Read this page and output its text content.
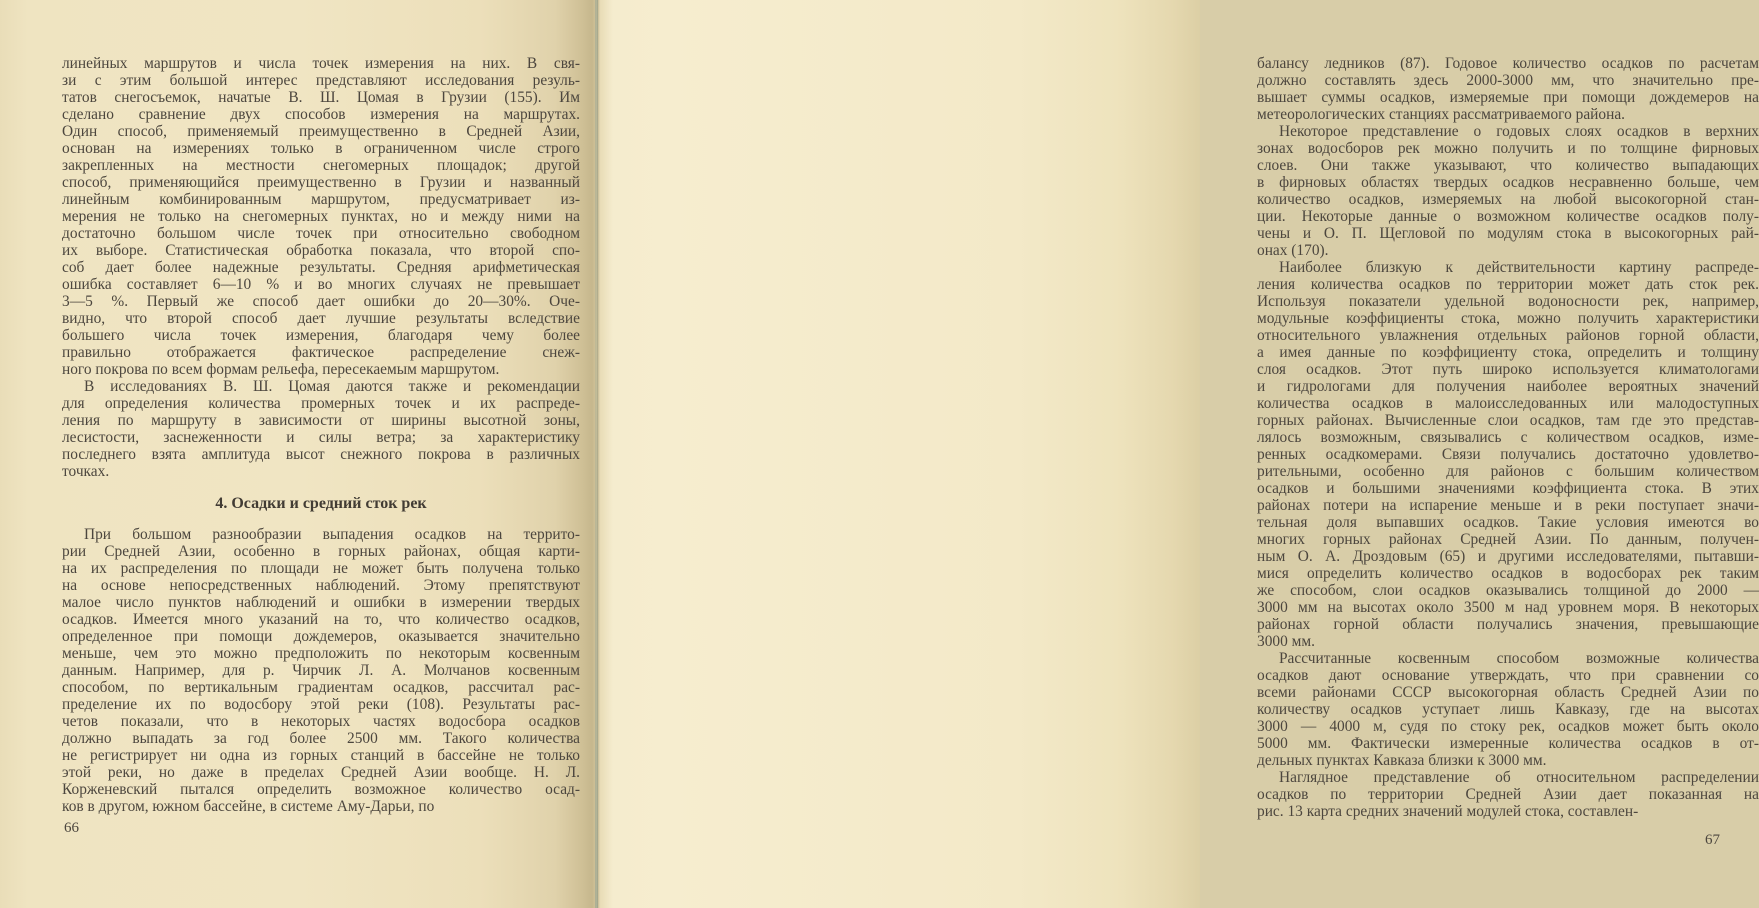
линейных маршрутов и числа точек измерения на них. В свя-
зи с этим большой интерес представляют исследования резуль-
татов снегосъемок, начатые В. Ш. Цомая в Грузии (155). Им
сделано сравнение двух способов измерения на маршрутах.
Один способ, применяемый преимущественно в Средней Азии,
основан на измерениях только в ограниченном числе строго
закрепленных на местности снегомерных площадок; другой
способ, применяющийся преимущественно в Грузии и названный
линейным комбинированным маршрутом, предусматривает из-
мерения не только на снегомерных пунктах, но и между ними на
достаточно большом числе точек при относительно свободном
их выборе. Статистическая обработка показала, что второй спо-
соб дает более надежные результаты. Средняя арифметическая
ошибка составляет 6—10 % и во многих случаях не превышает
3—5 %. Первый же способ дает ошибки до 20—30%. Оче-
видно, что второй способ дает лучшие результаты вследствие
большего числа точек измерения, благодаря чему более
правильно отображается фактическое распределение снеж-
ного покрова по всем формам рельефа, пересекаемым маршрутом.
В исследованиях В. Ш. Цомая даются также и рекомендации
для определения количества промерных точек и их распреде-
ления по маршруту в зависимости от ширины высотной зоны,
лесистости, заснеженности и силы ветра; за характеристику
последнего взята амплитуда высот снежного покрова в различных
точках.
4. Осадки и средний сток рек
При большом разнообразии выпадения осадков на террито-
рии Средней Азии, особенно в горных районах, общая карти-
на их распределения по площади не может быть получена только
на основе непосредственных наблюдений. Этому препятствуют
малое число пунктов наблюдений и ошибки в измерении твердых
осадков. Имеется много указаний на то, что количество осадков,
определенное при помощи дождемеров, оказывается значительно
меньше, чем это можно предположить по некоторым косвенным
данным. Например, для р. Чирчик Л. А. Молчанов косвенным
способом, по вертикальным градиентам осадков, рассчитал рас-
пределение их по водосбору этой реки (108). Результаты рас-
четов показали, что в некоторых частях водосбора осадков
должно выпадать за год более 2500 мм. Такого количества
не регистрирует ни одна из горных станций в бассейне не только
этой реки, но даже в пределах Средней Азии вообще. Н. Л.
Корженевский пытался определить возможное количество осад-
ков в другом, южном бассейне, в системе Аму-Дарьи, по
66
балансу ледников (87). Годовое количество осадков по расчетам
должно составлять здесь 2000-3000 мм, что значительно пре-
вышает суммы осадков, измеряемые при помощи дождемеров на
метеорологических станциях рассматриваемого района.
Некоторое представление о годовых слоях осадков в верхних
зонах водосборов рек можно получить и по толщине фирновых
слоев. Они также указывают, что количество выпадающих
в фирновых областях твердых осадков несравненно больше, чем
количество осадков, измеряемых на любой высокогорной стан-
ции. Некоторые данные о возможном количестве осадков полу-
чены и О. П. Щегловой по модулям стока в высокогорных рай-
онах (170).
Наиболее близкую к действительности картину распреде-
ления количества осадков по территории может дать сток рек.
Используя показатели удельной водоносности рек, например,
модульные коэффициенты стока, можно получить характеристики
относительного увлажнения отдельных районов горной области,
а имея данные по коэффициенту стока, определить и толщину
слоя осадков. Этот путь широко используется климатологами
и гидрологами для получения наиболее вероятных значений
количества осадков в малоисследованных или малодоступных
горных районах. Вычисленные слои осадков, там где это представ-
лялось возможным, связывались с количеством осадков, изме-
ренных осадкомерами. Связи получались достаточно удовлетво-
рительными, особенно для районов с большим количеством
осадков и большими значениями коэффициента стока. В этих
районах потери на испарение меньше и в реки поступает значи-
тельная доля выпавших осадков. Такие условия имеются во
многих горных районах Средней Азии. По данным, получен-
ным О. А. Дроздовым (65) и другими исследователями, пытавши-
мися определить количество осадков в водосборах рек таким
же способом, слои осадков оказывались толщиной до 2000 —
3000 мм на высотах около 3500 м над уровнем моря. В некоторых
районах горной области получались значения, превышающие
3000 мм.
Рассчитанные косвенным способом возможные количества
осадков дают основание утверждать, что при сравнении со
всеми районами СССР высокогорная область Средней Азии по
количеству осадков уступает лишь Кавказу, где на высотах
3000 — 4000 м, судя по стоку рек, осадков может быть около
5000 мм. Фактически измеренные количества осадков в от-
дельных пунктах Кавказа близки к 3000 мм.
Наглядное представление об относительном распределении
осадков по территории Средней Азии дает показанная на
рис. 13 карта средних значений модулей стока, составлен-
67
